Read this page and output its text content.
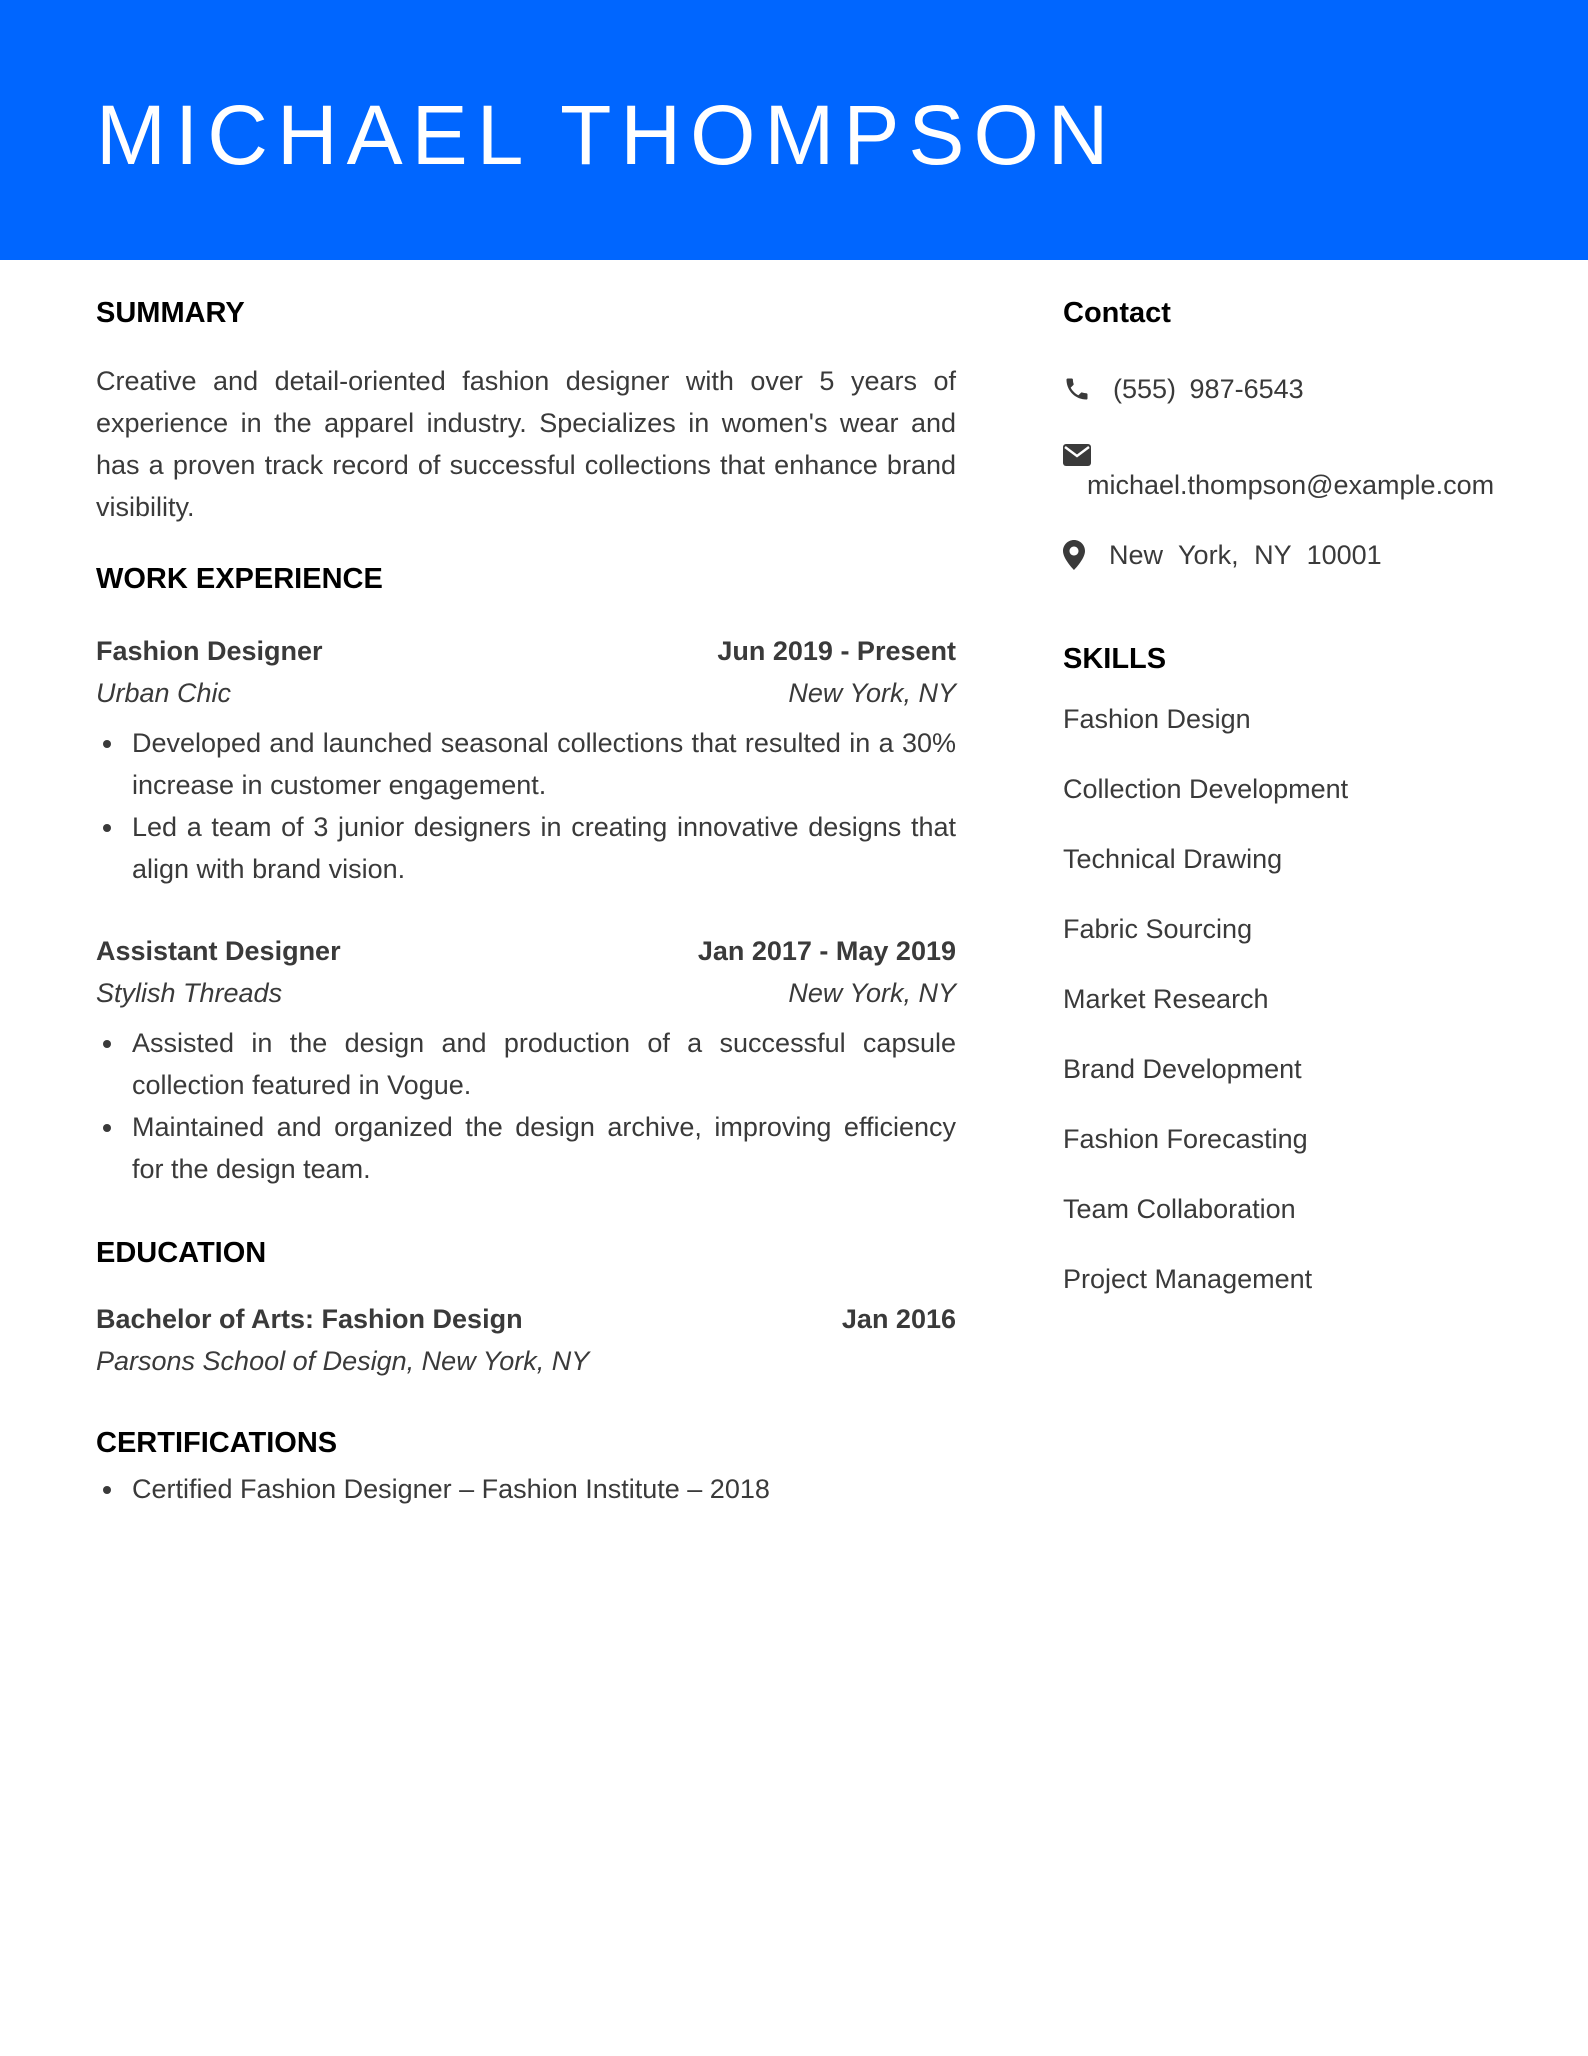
MICHAEL THOMPSON
SUMMARY

Creative and detail-oriented fashion designer with over 5 years of experience in the apparel industry. Specializes in women's wear and has a proven track record of successful collections that enhance brand visibility.

WORK EXPERIENCE
Fashion Designer	Jun 2019 - Present
Urban Chic	New York, NY
Developed and launched seasonal collections that resulted in a 30% increase in customer engagement.
Led a team of 3 junior designers in creating innovative designs that align with brand vision.
Assistant Designer	Jan 2017 - May 2019
Stylish Threads	New York, NY
Assisted in the design and production of a successful capsule collection featured in Vogue.
Maintained and organized the design archive, improving efficiency for the design team.
EDUCATION
Bachelor of Arts: Fashion Design	Jan 2016
Parsons School of Design, New York, NY
CERTIFICATIONS
Certified Fashion Designer – Fashion Institute – 2018
Contact
(555) 987-6543
michael.thompson@example.com
New York, NY 10001
SKILLS
Fashion Design
Collection Development
Technical Drawing
Fabric Sourcing
Market Research
Brand Development
Fashion Forecasting
Team Collaboration
Project Management
